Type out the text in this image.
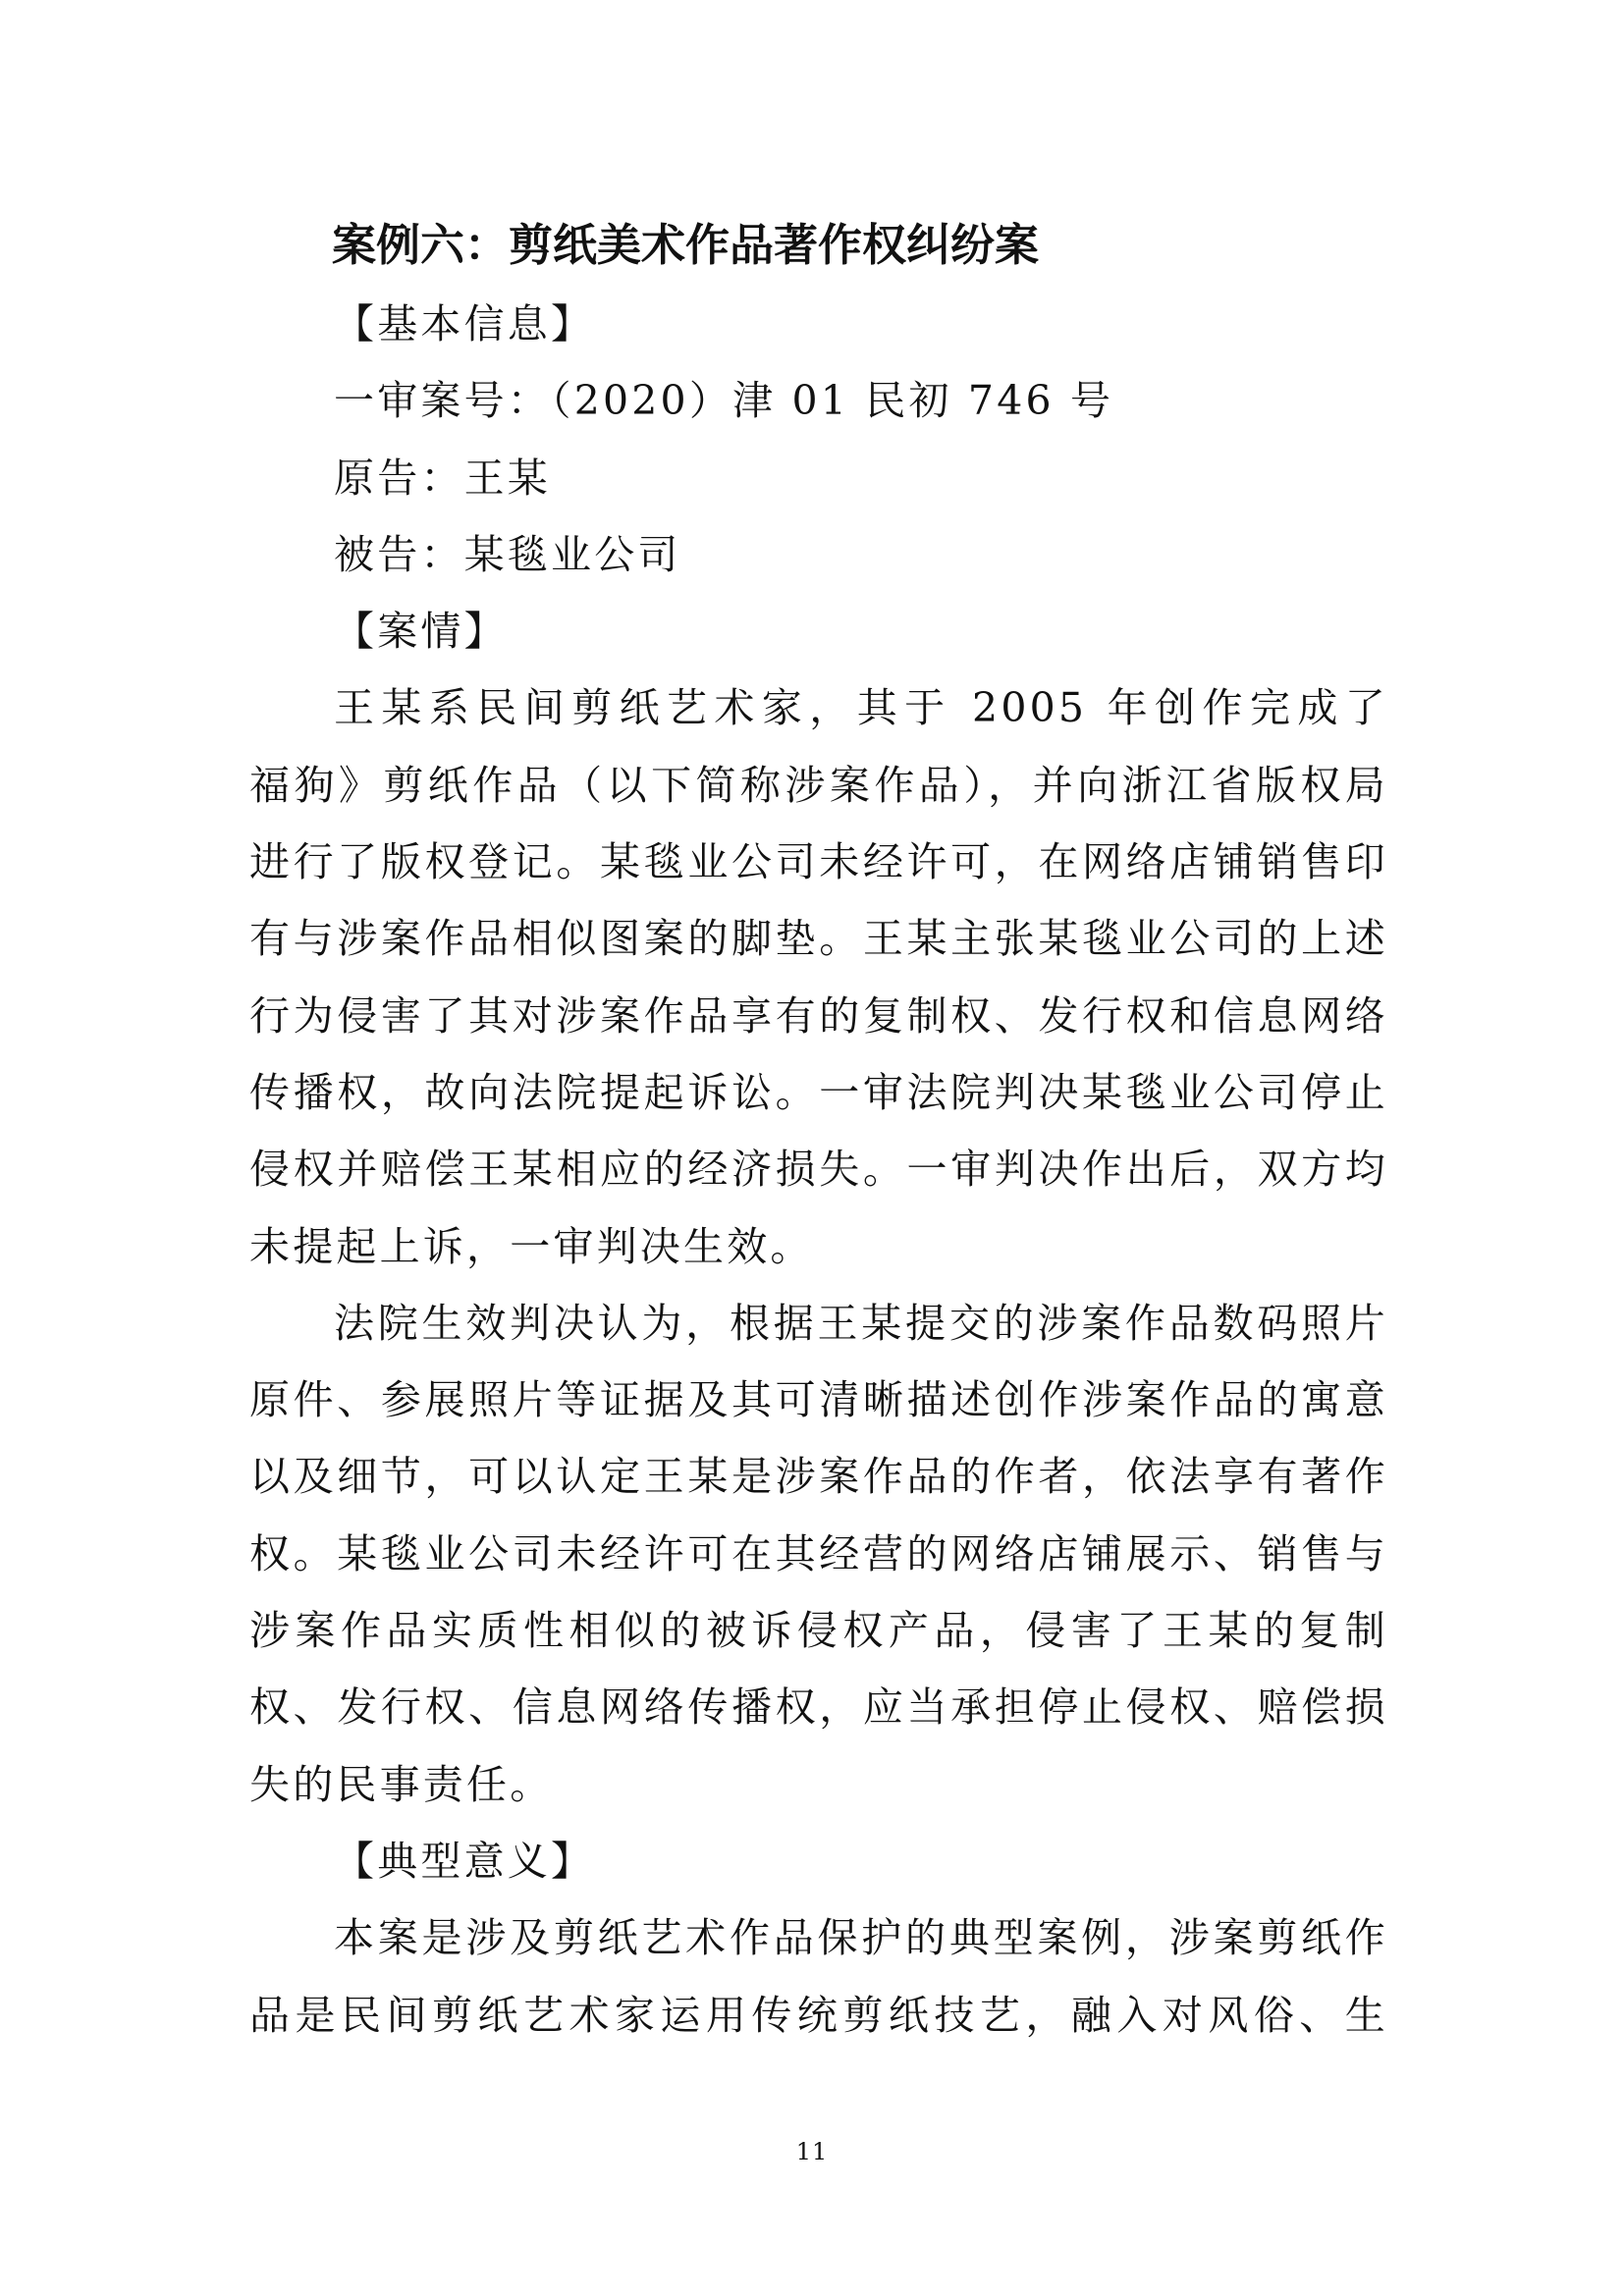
案例六：剪纸美术作品著作权纠纷案
【基本信息】
一审案号：（2020）津 01 民初 746 号
原告：王某
被告：某毯业公司
【案情】
王某系民间剪纸艺术家，其于 2005 年创作完成了
福狗》剪纸作品（以下简称涉案作品），并向浙江省版权局
进行了版权登记。某毯业公司未经许可，在网络店铺销售印
有与涉案作品相似图案的脚垫。王某主张某毯业公司的上述
行为侵害了其对涉案作品享有的复制权、发行权和信息网络
传播权，故向法院提起诉讼。一审法院判决某毯业公司停止
侵权并赔偿王某相应的经济损失。一审判决作出后，双方均
未提起上诉，一审判决生效。
法院生效判决认为，根据王某提交的涉案作品数码照片
原件、参展照片等证据及其可清晰描述创作涉案作品的寓意
以及细节，可以认定王某是涉案作品的作者，依法享有著作
权。某毯业公司未经许可在其经营的网络店铺展示、销售与
涉案作品实质性相似的被诉侵权产品，侵害了王某的复制
权、发行权、信息网络传播权，应当承担停止侵权、赔偿损
失的民事责任。
【典型意义】
本案是涉及剪纸艺术作品保护的典型案例，涉案剪纸作
品是民间剪纸艺术家运用传统剪纸技艺，融入对风俗、生
11
